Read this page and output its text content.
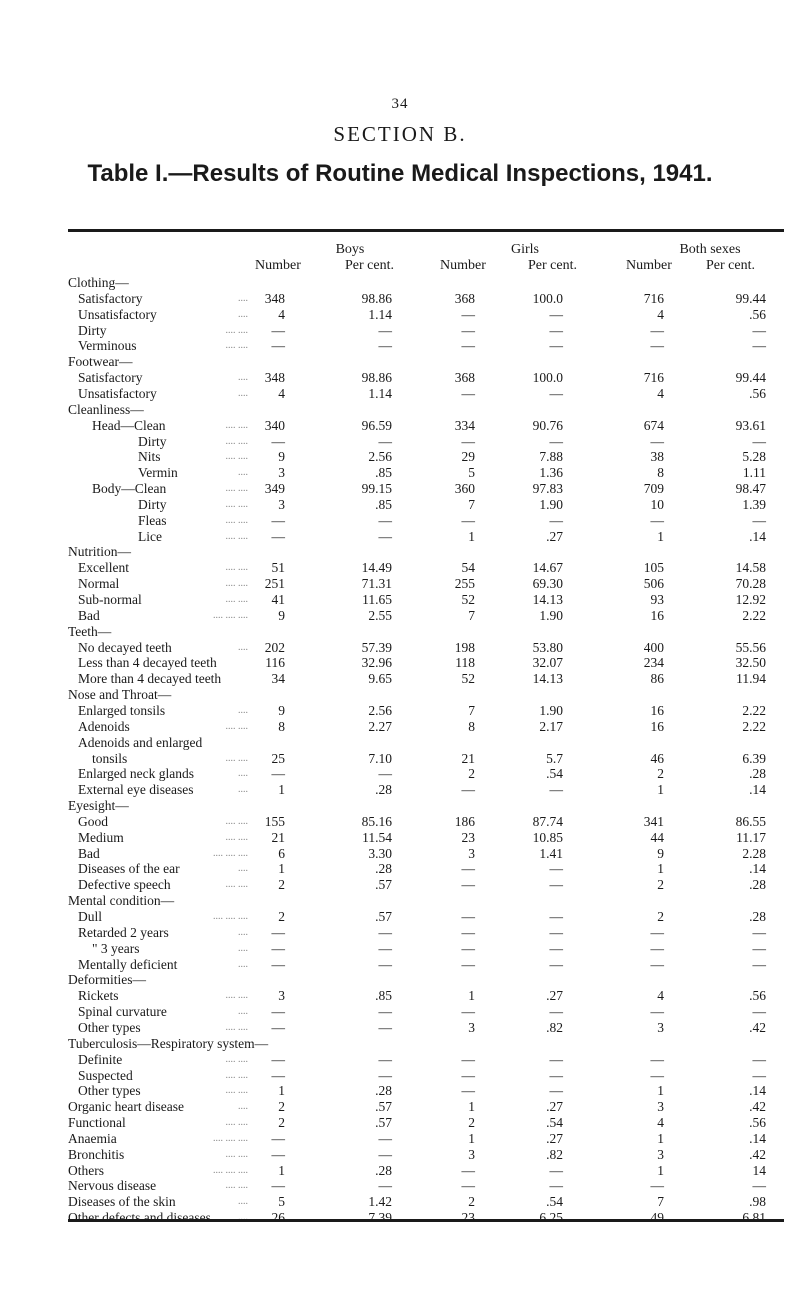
34
SECTION B.
Table I.—Results of Routine Medical Inspections, 1941.
Boys	Girls	Both sexes
Number	Per cent.	Number	Per cent.	Number Per cent.
Clothing—
Satisfactory	.... 348	98.86	368	100.0	716	99.44
Unsatisfactory	.... 4	1.14	—	—	4	.56
Dirty	.... .... —	—	—	—	—	—
Verminous	.... .... —	—	—	—	—	—
Footwear—
Satisfactory	.... 348	98.86	368	100.0	716	99.44
Unsatisfactory	.... 4	1.14	—	—	4	.56
Cleanliness—
Head—Clean	.... .... 340	96.59	334	90.76	674	93.61
Dirty	.... .... —	—	—	—	—	—
Nits	.... .... 9	2.56	29	7.88	38	5.28
Vermin	.... 3	.85	5	1.36	8	1.11
Body—Clean	.... .... 349	99.15	360	97.83	709	98.47
Dirty	.... .... 3	.85	7	1.90	10	1.39
Fleas	.... .... —	—	—	—	—	—
Lice	.... .... —	—	1	.27	1	.14
Nutrition—
Excellent	.... .... 51	14.49	54	14.67	105	14.58
Normal	.... .... 251	71.31	255	69.30	506	70.28
Sub-normal	.... .... 41	11.65	52	14.13	93	12.92
Bad	.... .... .... 9	2.55	7	1.90	16	2.22
Teeth—
No decayed teeth	.... 202	57.39	198	53.80	400	55.56
Less than 4 decayed teeth	116	32.96	118	32.07	234	32.50
More than 4 decayed teeth	34	9.65	52	14.13	86	11.94
Nose and Throat—
Enlarged tonsils	.... 9	2.56	7	1.90	16	2.22
Adenoids	.... .... 8	2.27	8	2.17	16	2.22
Adenoids and enlarged
tonsils	.... .... 25	7.10	21	5.7	46	6.39
Enlarged neck glands	.... —	—	2	.54	2	.28
External eye diseases	.... 1	.28	—	—	1	.14
Eyesight—
Good	.... .... 155	85.16	186	87.74	341	86.55
Medium	.... .... 21	11.54	23	10.85	44	11.17
Bad	.... .... .... 6	3.30	3	1.41	9	2.28
Diseases of the ear	.... 1	.28	—	—	1	.14
Defective speech	.... .... 2	.57	—	—	2	.28
Mental condition—
Dull	.... .... .... 2	.57	—	—	2	.28
Retarded 2 years	.... —	—	—	—	—	—
" 3 years	.... —	—	—	—	—	—
Mentally deficient	.... —	—	—	—	—	—
Deformities—
Rickets	.... .... 3	.85	1	.27	4	.56
Spinal curvature	.... —	—	—	—	—	—
Other types	.... .... —	—	3	.82	3	.42
Tuberculosis—Respiratory system—
Definite	.... .... —	—	—	—	—	—
Suspected	.... .... —	—	—	—	—	—
Other types	.... .... 1	.28	—	—	1	.14
Organic heart disease	.... 2	.57	1	.27	3	.42
Functional	.... .... 2	.57	2	.54	4	.56
Anaemia	.... .... .... —	—	1	.27	1	.14
Bronchitis	.... .... —	—	3	.82	3	.42
Others	.... .... .... 1	.28	—	—	1	14
Nervous disease	.... .... —	—	—	—	—	—
Diseases of the skin	.... 5	1.42	2	.54	7	.98
Other defects and diseases	.... 26	7.39	23	6.25	49	6.81
